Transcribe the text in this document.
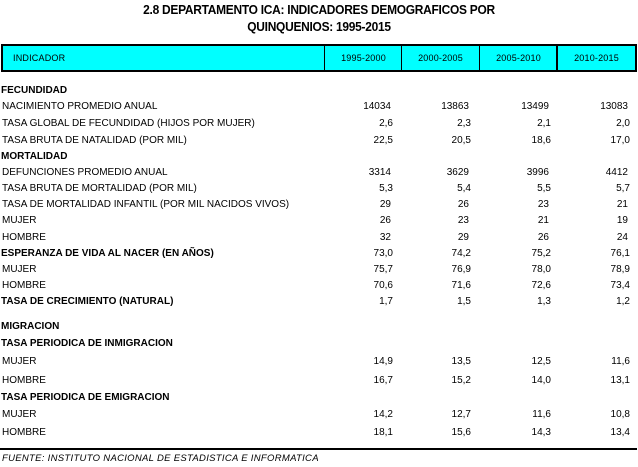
2.8 DEPARTAMENTO ICA: INDICADORES DEMOGRAFICOS POR
QUINQUENIOS: 1995-2015
INDICADOR	1995-2000	2000-2005	2005-2010	2010-2015
FECUNDIDAD
NACIMIENTO PROMEDIO ANUAL	14034	13863	13499	13083
TASA GLOBAL DE FECUNDIDAD (HIJOS POR MUJER)	2,6	2,3	2,1	2,0
TASA BRUTA DE NATALIDAD (POR MIL)	22,5	20,5	18,6	17,0
MORTALIDAD
DEFUNCIONES PROMEDIO ANUAL	3314	3629	3996	4412
TASA BRUTA DE MORTALIDAD (POR MIL)	5,3	5,4	5,5	5,7
TASA DE MORTALIDAD INFANTIL (POR MIL NACIDOS VIVOS)	29	26	23	21
MUJER	26	23	21	19
HOMBRE	32	29	26	24
ESPERANZA DE VIDA AL NACER (EN AÑOS)	73,0	74,2	75,2	76,1
MUJER	75,7	76,9	78,0	78,9
HOMBRE	70,6	71,6	72,6	73,4
TASA DE CRECIMIENTO (NATURAL)	1,7	1,5	1,3	1,2
MIGRACION
TASA PERIODICA DE INMIGRACION
MUJER	14,9	13,5	12,5	11,6
HOMBRE	16,7	15,2	14,0	13,1
TASA PERIODICA DE EMIGRACION
MUJER	14,2	12,7	11,6	10,8
HOMBRE	18,1	15,6	14,3	13,4
FUENTE: INSTITUTO NACIONAL DE ESTADISTICA E INFORMATICA
